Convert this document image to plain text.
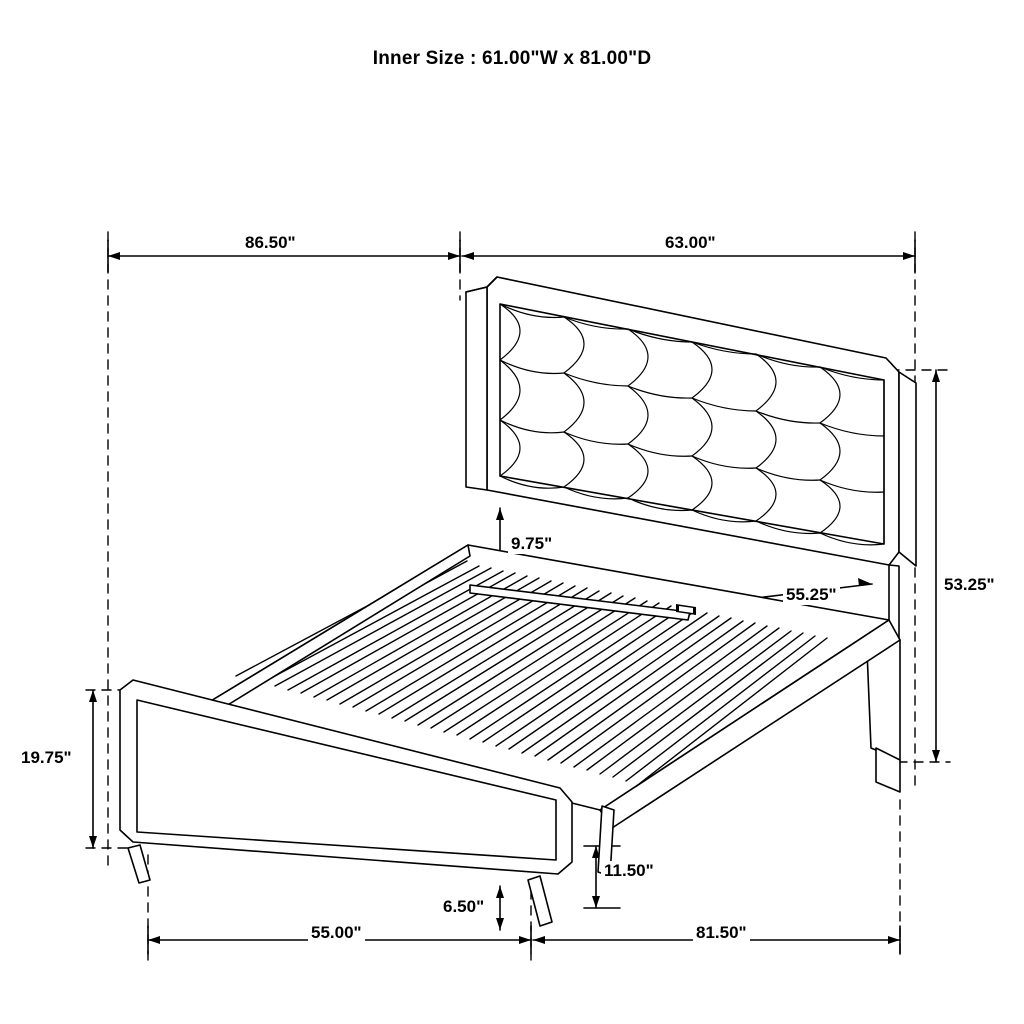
Inner Size : 61.00"W x 81.00"D
86.50"	63.00"
53.25"
9.75"
55.25"
19.75"
11.50"
6.50"
55.00"	81.50"
